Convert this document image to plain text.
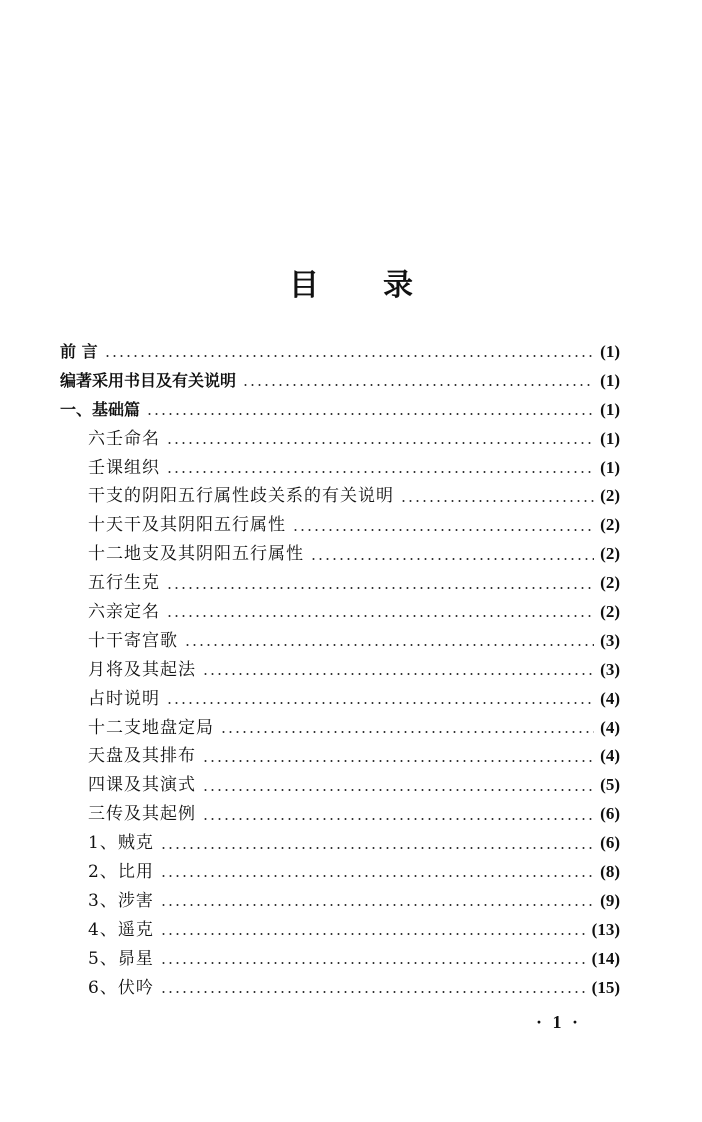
目录
前 言	(1)
编著采用书目及有关说明	(1)
一、基础篇	(1)
六壬命名	(1)
壬课组织	(1)
干支的阴阳五行属性歧关系的有关说明	(2)
十天干及其阴阳五行属性	(2)
十二地支及其阴阳五行属性	(2)
五行生克	(2)
六亲定名	(2)
十干寄宫歌	(3)
月将及其起法	(3)
占时说明	(4)
十二支地盘定局	(4)
天盘及其排布	(4)
四课及其演式	(5)
三传及其起例	(6)
1、贼克	(6)
2、比用	(8)
3、涉害	(9)
4、遥克	(13)
5、昴星	(14)
6、伏吟	(15)
· 1 ·
